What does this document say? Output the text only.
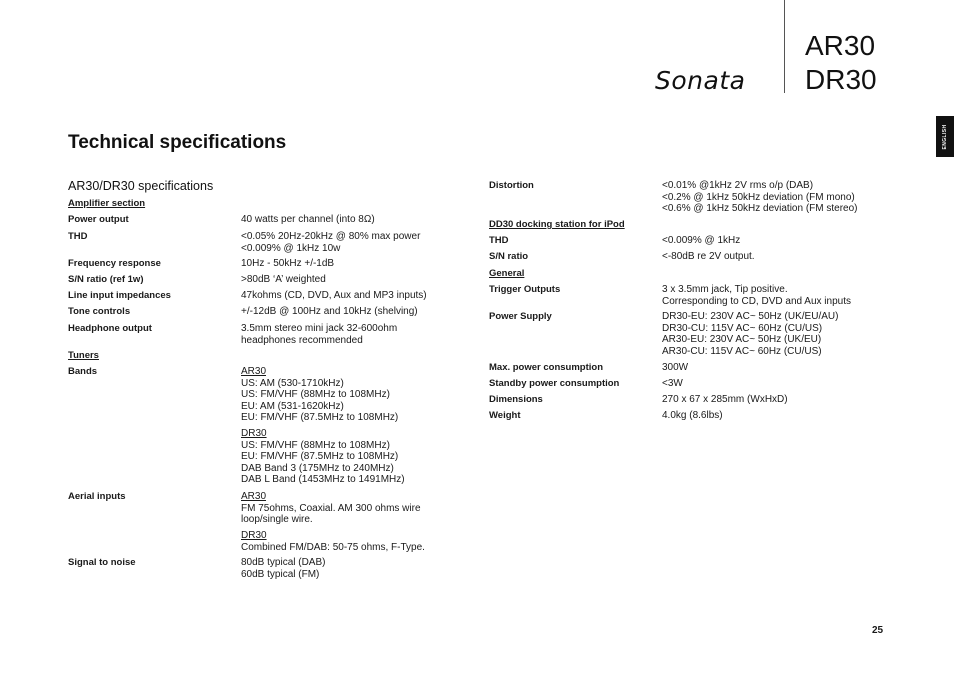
Sonata
AR30
DR30
ENGLISH
Technical specifications
AR30/DR30 specifications
Amplifier section
Power output	40 watts per channel (into 8Ω)
THD	<0.05% 20Hz-20kHz @ 80% max power
<0.009% @ 1kHz 10w
Frequency response	10Hz - 50kHz +/-1dB
S/N ratio (ref 1w)	>80dB ‘A’ weighted
Line input impedances	47kohms (CD, DVD, Aux and MP3 inputs)
Tone controls	+/-12dB @ 100Hz and 10kHz (shelving)
Headphone output	3.5mm stereo mini jack 32-600ohm
headphones recommended
Tuners
Bands	AR30
US: AM (530-1710kHz)
US: FM/VHF (88MHz to 108MHz)
EU: AM (531-1620kHz)
EU: FM/VHF (87.5MHz to 108MHz)
DR30
US: FM/VHF (88MHz to 108MHz)
EU: FM/VHF (87.5MHz to 108MHz)
DAB Band 3 (175MHz to 240MHz)
DAB L Band (1453MHz to 1491MHz)
Aerial inputs	AR30
FM 75ohms, Coaxial. AM 300 ohms wire
loop/single wire.
DR30
Combined FM/DAB: 50-75 ohms, F-Type.
Signal to noise	80dB typical (DAB)
60dB typical (FM)
Distortion	<0.01% @1kHz 2V rms o/p (DAB)
<0.2% @ 1kHz 50kHz deviation (FM mono)
<0.6% @ 1kHz 50kHz deviation (FM stereo)
DD30 docking station for iPod
THD	<0.009% @ 1kHz
S/N ratio	<-80dB re 2V output.
General
Trigger Outputs	3 x 3.5mm jack, Tip positive.
Corresponding to CD, DVD and Aux inputs
Power Supply	DR30-EU: 230V AC~ 50Hz (UK/EU/AU)
DR30-CU: 115V AC~ 60Hz (CU/US)
AR30-EU: 230V AC~ 50Hz (UK/EU)
AR30-CU: 115V AC~ 60Hz (CU/US)
Max. power consumption	300W
Standby power consumption	<3W
Dimensions	270 x 67 x 285mm (WxHxD)
Weight	4.0kg (8.6lbs)
25
